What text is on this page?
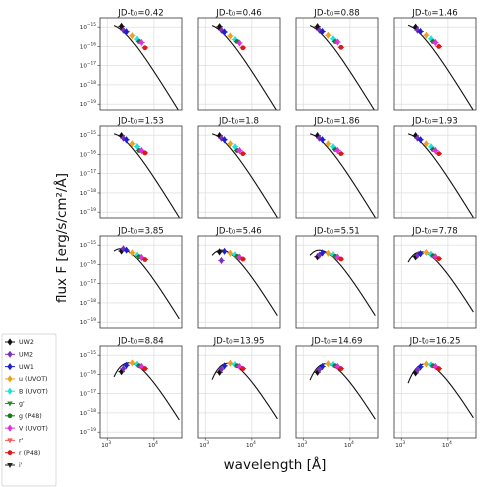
JD-t₀=0.42
$10^{-15}$
$10^{-16}$
$10^{-17}$
$10^{-18}$
$10^{-19}$
JD-t₀=0.46	JD-t₀=0.88	JD-t₀=1.46
JD-t₀=1.53
$10^{-15}$
$10^{-16}$
$10^{-17}$
$10^{-18}$
$10^{-19}$
JD-t₀=1.8	JD-t₀=1.86	JD-t₀=1.93
JD-t₀=3.85
$10^{-15}$
$10^{-16}$
$10^{-17}$
$10^{-18}$
$10^{-19}$
JD-t₀=5.46	JD-t₀=5.51	JD-t₀=7.78
JD-t₀=8.84
$10^{-15}$
$10^{-16}$
$10^{-17}$
$10^{-18}$
$10^{-19}$
$10^3$	$10^4$
JD-t₀=13.95
$10^3$	$10^4$
JD-t₀=14.69
$10^3$	$10^4$
JD-t₀=16.25
$10^3$	$10^4$
flux F [erg/s/cm²/Å]
wavelength [Å]
UW2
UM2
UW1
u (UVOT)
B (UVOT)
g'
g (P48)
V (UVOT)
r'
r (P48)
i'
